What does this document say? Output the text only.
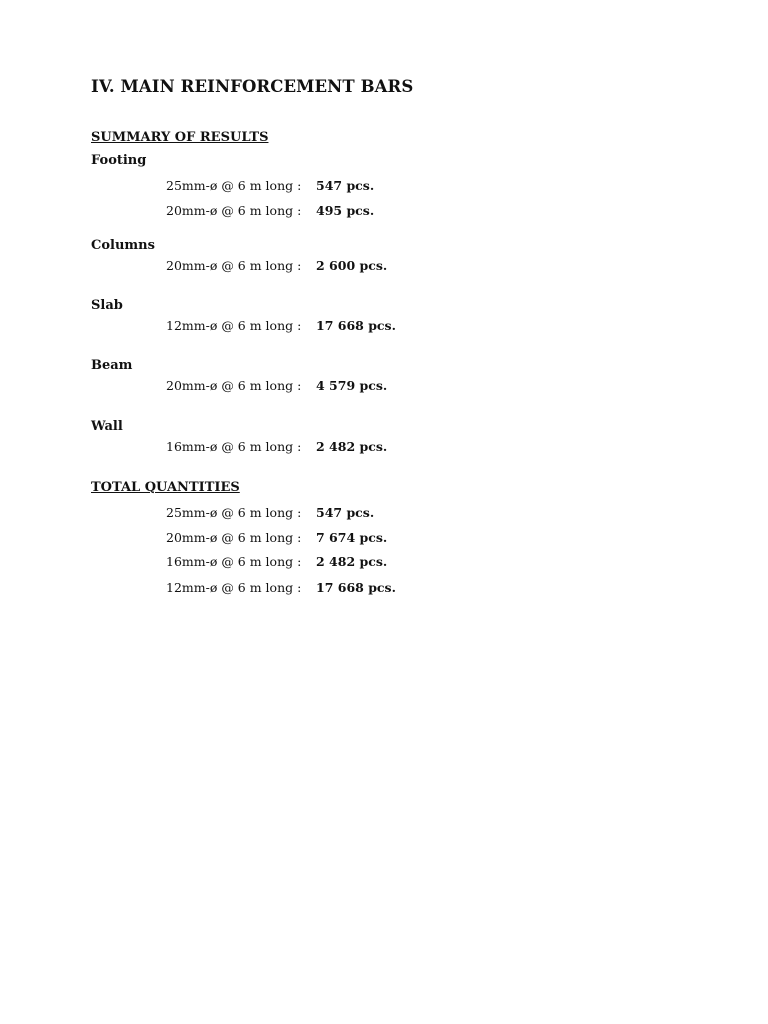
IV. MAIN REINFORCEMENT BARS
SUMMARY OF RESULTS
Footing
25mm-ø @ 6 m long :	547 pcs.
20mm-ø @ 6 m long :	495 pcs.
Columns
20mm-ø @ 6 m long :	2 600 pcs.
Slab
12mm-ø @ 6 m long :	17 668 pcs.
Beam
20mm-ø @ 6 m long :	4 579 pcs.
Wall
16mm-ø @ 6 m long :	2 482 pcs.
TOTAL QUANTITIES
25mm-ø @ 6 m long :	547 pcs.
20mm-ø @ 6 m long :	7 674 pcs.
16mm-ø @ 6 m long :	2 482 pcs.
12mm-ø @ 6 m long :	17 668 pcs.
